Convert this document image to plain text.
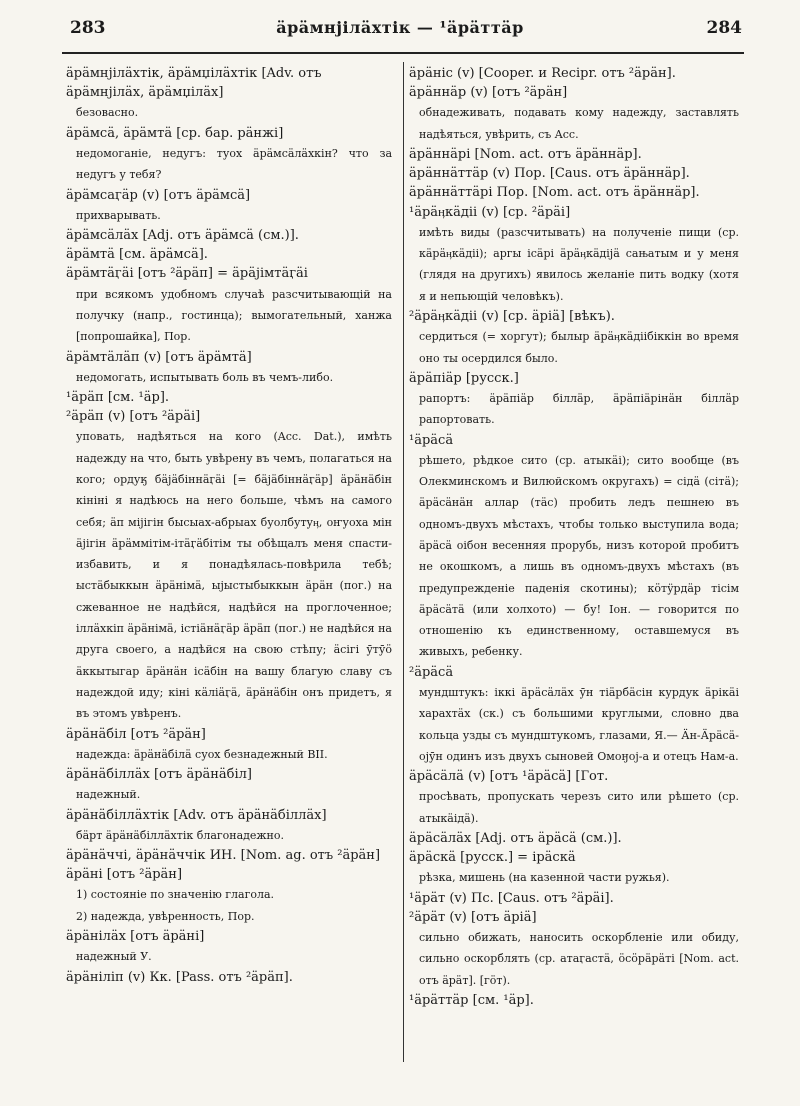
283	ӓрӓмнјiлӓхтiк — ¹ӓрӓттӓр	284

ӓрӓмнјiлӓхтiк, ӓрӓмџiлӓхтiк [Adv. отъ ӓрӓмнјiлӓх, ӓрӓмџiлӓх]

безовасно.

ӓрӓмсӓ, ӓрӓмтӓ [ср. бар. рӓнжi]

недомоганіе, недугъ: туох ӓрӓмсӓлӓхкiн? что за недугъ у тебя?

ӓрӓмсаӷӓр (v) [отъ ӓрӓмсӓ]

прихварывать.

ӓрӓмсӓлӓх [Adj. отъ ӓрӓмсӓ (см.)].

ӓрӓмтӓ [см. ӓрӓмсӓ].

ӓрӓмтӓӷӓi [отъ ²ӓрӓп] = ӓрӓjiмтӓӷӓi

при всякомъ удобномъ случаѣ разсчитывающій на получку (напр., гостинца); вымогательный, ханжа [попрошайка], Пор.

ӓрӓмтӓлӓп (v) [отъ ӓрӓмтӓ]

недомогать, испытывать боль въ чемъ-либо.

¹ӓрӓп [см. ¹ӓр].

²ӓрӓп (v) [отъ ²ӓрӓi]

уповать, надѣяться на кого (Acc. Dat.), имѣть надежду на что, быть увѣрену въ чемъ, полагаться на кого; ордуӄ бӓjӓбiннӓӷӓi [= бӓjӓбiннӓӷӓр] ӓрӓнӓбiн кiнiнi я надѣюсь на него больше, чѣмъ на самого себя; ӓп мiјiгiн бысыах-абрыах буолбутуӊ, оҥуоха мiн ӓјiгiн ӓрӓммiтiм-iтӓӷӓбiтiм ты обѣщалъ меня спасти-избавить, и я понадѣялась-повѣрила тебѣ; ыстӓбыккын ӓрӓнiмӓ, ыјыстыбыккын ӓрӓн (пог.) на сжеванное не надѣйся, надѣйся на проглоченное; iллӓхкiп ӓрӓнiмӓ, iстiӓнӓӷӓр ӓрӓп (пог.) не надѣйся на друга своего, а надѣйся на свою стѣпу; ӓсiгi ӯтӯӧ ӓккытыгар ӓрӓнӓн iсӓбiн на вашу благую славу съ надеждой иду; кiнi кӓлiӓӷӓ, ӓрӓнӓбiн онъ придетъ, я въ этомъ увѣренъ.

ӓрӓнӓбiл [отъ ²ӓрӓн]

надежда: ӓрӓнӓбiлӓ суох безнадежный ВII.

ӓрӓнӓбiллӓх [отъ ӓрӓнӓбiл]

надежный.

ӓрӓнӓбiллӓхтiк [Adv. отъ ӓрӓнӓбiллӓх]

бӓрт ӓрӓнӓбiллӓхтiк благонадежно.

ӓрӓнӓччi, ӓрӓнӓччiк ИН. [Nom. ag. отъ ²ӓрӓн]

ӓрӓнi [отъ ²ӓрӓн]

1) состояніе по значенію глагола.

2) надежда, увѣренность, Пор.

ӓрӓнiлӓх [отъ ӓрӓнi]

надежный У.

ӓрӓнiлiп (v) Кк. [Pass. отъ ²ӓрӓп].

ӓрӓнiс (v) [Cooper. и Recipr. отъ ²ӓрӓн].

ӓрӓннӓр (v) [отъ ²ӓрӓн]

обнадеживать, подавать кому надежду, заставлять надѣяться, увѣрить, съ Acc.

ӓрӓннӓрi [Nom. act. отъ ӓрӓннӓр].

ӓрӓннӓттӓр (v) Пор. [Caus. отъ ӓрӓннӓр].

ӓрӓннӓттӓрi Пор. [Nom. act. отъ ӓрӓннӓр].

¹ӓрӓӊкӓдiі (v) [ср. ²ӓрӓi]

имѣть виды (разсчитывать) на полученіе пищи (ср. кӓрӓӊкӓдiі); аргы iсӓрi ӓрӓӊкӓдiјӓ сањатым и у меня (глядя на другихъ) явилось желаніе пить водку (хотя я и непьющій человѣкъ).

²ӓрӓӊкӓдiі (v) [ср. ӓрiӓ] [вѣкъ).

сердиться (= хоргут); былыр ӓрӓӊкӓдiібiккiн во время оно ты осердился было.

ӓрӓпiӓр [русск.]

рапортъ: ӓрӓпiӓр бiллӓр, ӓрӓпiӓрiнӓн бiллӓр рапортовать.

¹ӓрӓсӓ

рѣшето, рѣдкое сито (ср. атыкӓi); сито вообще (въ Олекминскомъ и Вилюйскомъ округахъ) = сiдӓ (сiтӓ); ӓрӓсӓнӓн аллар (тӓс) пробить ледъ пешнею въ одномъ-двухъ мѣстахъ, чтобы только выступила вода; ӓрӓсӓ оiбон весенняя прорубь, низъ которой пробитъ не окошкомъ, а лишь въ одномъ-двухъ мѣстахъ (въ предупрежденіе паденія скотины); кӧтӱрдӓр тiсiм ӓрӓсӓтӓ (или холхото) — бу! Іон. — говорится по отношенію къ единственному, оставшемуся въ живыхъ, ребенку.

²ӓрӓсӓ

мундштукъ: iккi ӓрӓсӓлӓх ӯн тiӓрбӓсiн курдук ӓрiкӓi харахтӓх (ск.) съ большими круглыми, словно два кольца узды съ мундштукомъ, глазами, Я.— Ӓн-Ӓрӓсӓ-ојӯн одинъ изъ двухъ сыновей Омоӈој-а и отецъ Нам-а.

ӓрӓсӓлӓ (v) [отъ ¹ӓрӓсӓ] [Гот.

просѣвать, пропускать черезъ сито или рѣшето (ср. атыкӓiдӓ).

ӓрӓсӓлӓх [Adj. отъ ӓрӓсӓ (см.)].

ӓрӓскӓ [русск.] = iрӓскӓ

рѣзка, мишень (на казенной части ружья).

¹ӓрӓт (v) Пс. [Caus. отъ ²ӓрӓi].

²ӓрӓт (v) [отъ ӓрiӓ]

сильно обижать, наносить оскорбленіе или обиду, сильно оскорблять (ср. атаӷастӓ, ӧсӧрӓрӓтi [Nom. act. отъ ӓрӓт]. [гӧт).

¹ӓрӓттӓр [см. ¹ӓр].
